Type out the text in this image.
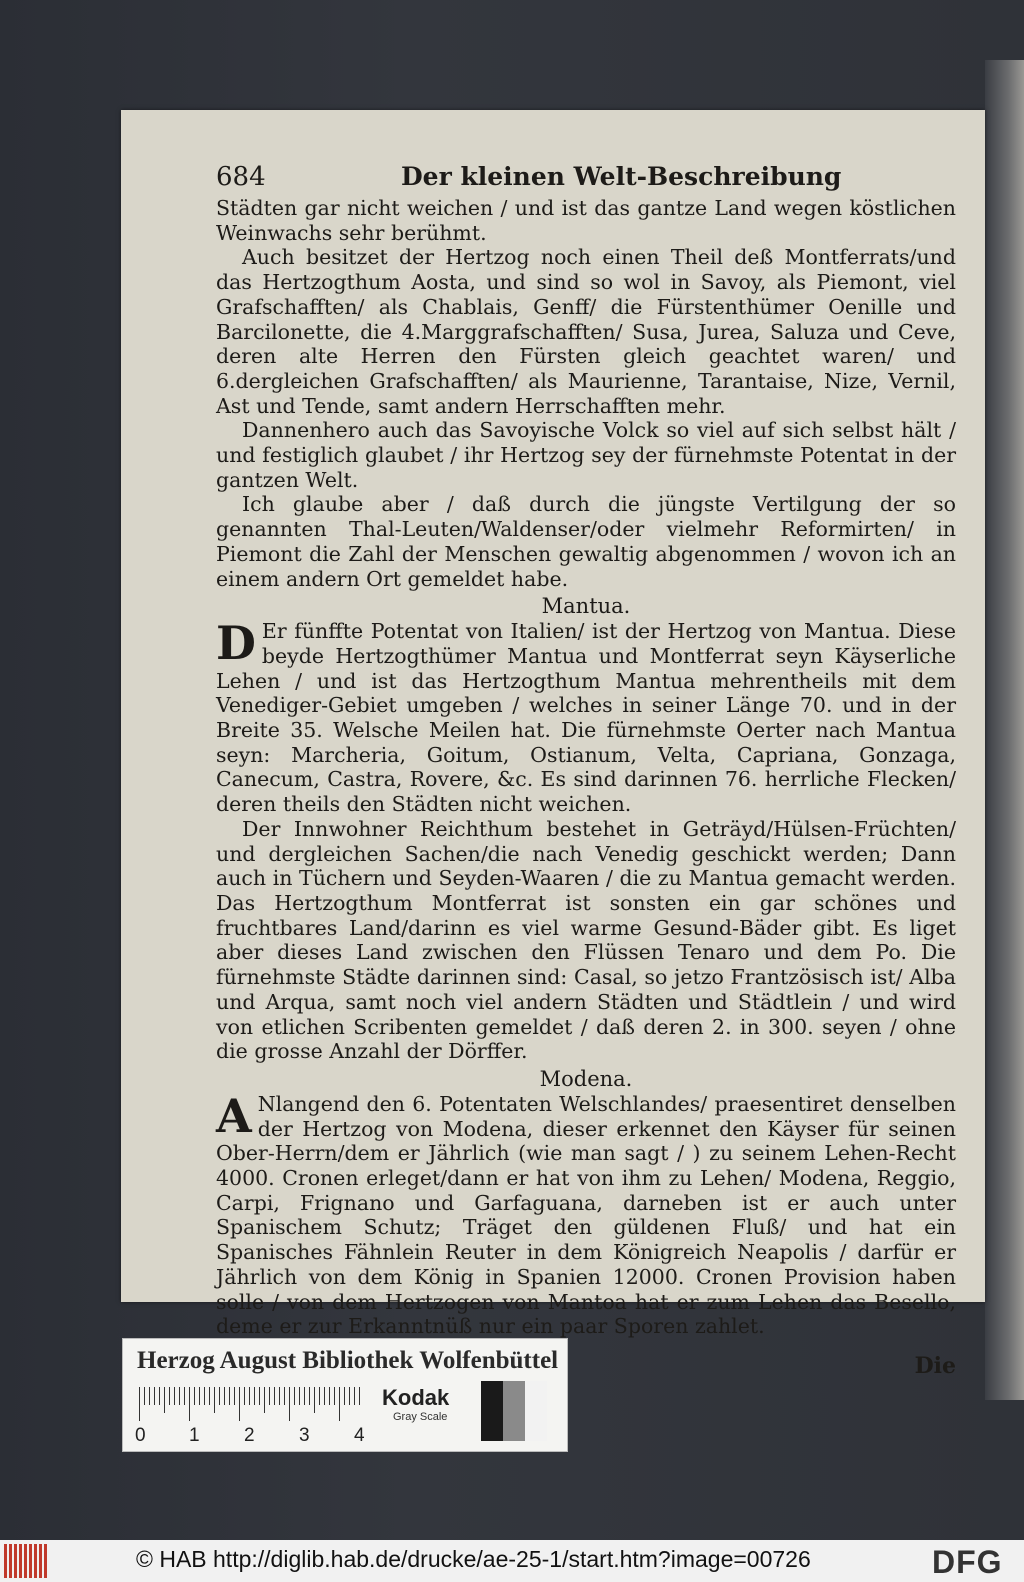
684	Der kleinen Welt-Beschreibung

Städten gar nicht weichen / und ist das gantze Land wegen köstlichen Weinwachs sehr berühmt.

Auch besitzet der Hertzog noch einen Theil deß Montferrats/und das Hertzogthum Aosta, und sind so wol in Savoy, als Piemont, viel Grafschafften/ als Chablais, Genff/ die Fürstenthümer Oenille und Barcilonette, die 4.Marggrafschafften/ Susa, Jurea, Saluza und Ceve, deren alte Herren den Fürsten gleich geachtet waren/ und 6.dergleichen Grafschafften/ als Maurienne, Tarantaise, Nize, Vernil, Ast und Tende, samt andern Herrschafften mehr.

Dannenhero auch das Savoyische Volck so viel auf sich selbst hält / und festiglich glaubet / ihr Hertzog sey der fürnehmste Potentat in der gantzen Welt.

Ich glaube aber / daß durch die jüngste Vertilgung der so genannten Thal-Leuten/Waldenser/oder vielmehr Reformirten/ in Piemont die Zahl der Menschen gewaltig abgenommen / wovon ich an einem andern Ort gemeldet habe.

Mantua.
D Er fünffte Potentat von Italien/ ist der Hertzog von Mantua. Diese beyde Hertzogthümer Mantua und Montferrat seyn Käyserliche Lehen / und ist das Hertzogthum Mantua mehrentheils mit dem Venediger-Gebiet umgeben / welches in seiner Länge 70. und in der Breite 35. Welsche Meilen hat. Die fürnehmste Oerter nach Mantua seyn: Marcheria, Goitum, Ostianum, Velta, Capriana, Gonzaga, Canecum, Castra, Rovere, &c. Es sind darinnen 76. herrliche Flecken/ deren theils den Städten nicht weichen.

Der Innwohner Reichthum bestehet in Geträyd/Hülsen-Früchten/ und dergleichen Sachen/die nach Venedig geschickt werden; Dann auch in Tüchern und Seyden-Waaren / die zu Mantua gemacht werden. Das Hertzogthum Montferrat ist sonsten ein gar schönes und fruchtbares Land/darinn es viel warme Gesund-Bäder gibt. Es liget aber dieses Land zwischen den Flüssen Tenaro und dem Po. Die fürnehmste Städte darinnen sind: Casal, so jetzo Frantzösisch ist/ Alba und Arqua, samt noch viel andern Städten und Städtlein / und wird von etlichen Scribenten gemeldet / daß deren 2. in 300. seyen / ohne die grosse Anzahl der Dörffer.

Modena.
A Nlangend den 6. Potentaten Welschlandes/ praesentiret denselben der Hertzog von Modena, dieser erkennet den Käyser für seinen Ober-Herrn/dem er Jährlich (wie man sagt / ) zu seinem Lehen-Recht 4000. Cronen erleget/dann er hat von ihm zu Lehen/ Modena, Reggio, Carpi, Frignano und Garfaguana, darneben ist er auch unter Spanischem Schutz; Träget den güldenen Fluß/ und hat ein Spanisches Fähnlein Reuter in dem Königreich Neapolis / darfür er Jährlich von dem König in Spanien 12000. Cronen Provision haben solle / von dem Hertzogen von Mantoa hat er zum Lehen das Besello, deme er zur Erkanntnüß nur ein paar Sporen zahlet.

Die
Herzog August Bibliothek Wolfenbüttel
0 1 2 3 4
Kodak
Gray Scale
© HAB http://diglib.hab.de/drucke/ae-25-1/start.htm?image=00726	DFG
